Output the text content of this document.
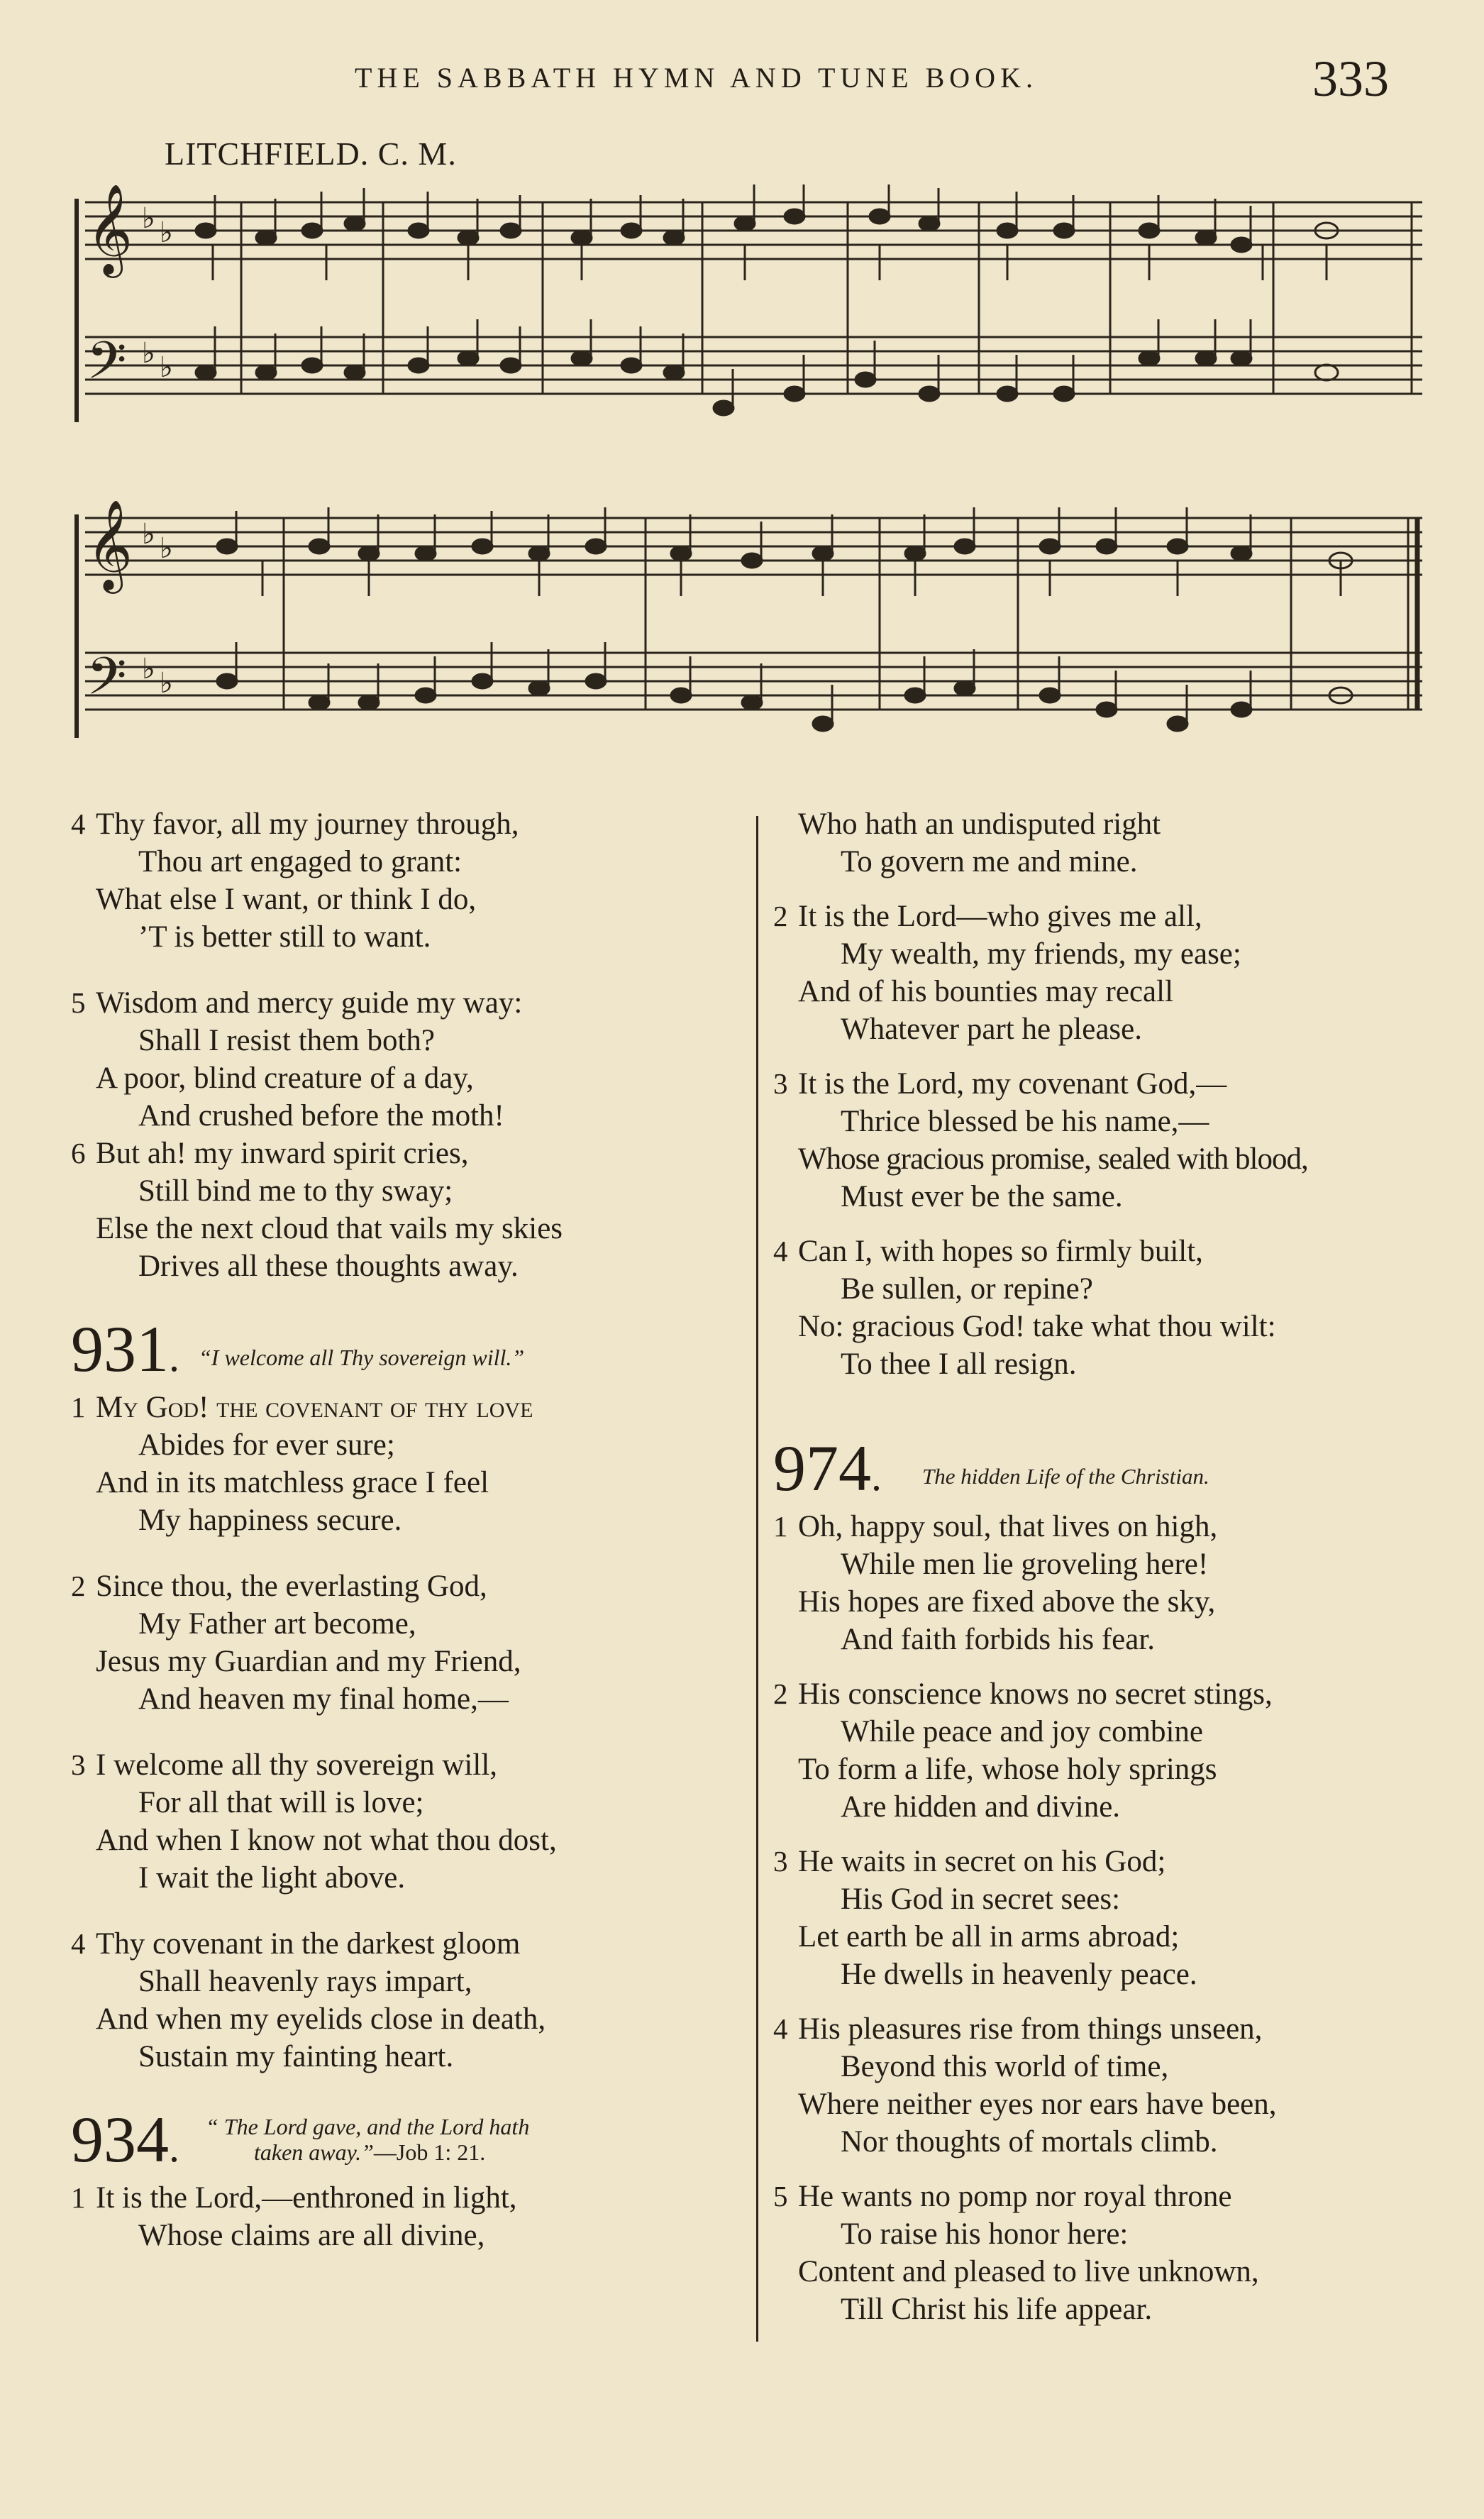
THE SABBATH HYMN AND TUNE BOOK.	333
LITCHFIELD. C. M.
𝄞
𝄢
♭ ♭
♭ ♭
𝄞
𝄢
♭ ♭
♭ ♭
4 Thy favor, all my journey through,
Thou art engaged to grant:
What else I want, or think I do,
’T is better still to want.
5 Wisdom and mercy guide my way:
Shall I resist them both?
A poor, blind creature of a day,
And crushed before the moth!
6 But ah! my inward spirit cries,
Still bind me to thy sway;
Else the next cloud that vails my skies
Drives all these thoughts away.
931. “I welcome all Thy sovereign will.”
1 My God! the covenant of thy love
Abides for ever sure;
And in its matchless grace I feel
My happiness secure.
2 Since thou, the everlasting God,
My Father art become,
Jesus my Guardian and my Friend,
And heaven my final home,—
3 I welcome all thy sovereign will,
For all that will is love;
And when I know not what thou dost,
I wait the light above.
4 Thy covenant in the darkest gloom
Shall heavenly rays impart,
And when my eyelids close in death,
Sustain my fainting heart.
934. “ The Lord gave, and the Lord hath
taken away.”—Job 1: 21.
1 It is the Lord,—enthroned in light,
Whose claims are all divine,
Who hath an undisputed right
To govern me and mine.
2 It is the Lord—who gives me all,
My wealth, my friends, my ease;
And of his bounties may recall
Whatever part he please.
3 It is the Lord, my covenant God,—
Thrice blessed be his name,—
Whose gracious promise, sealed with blood,
Must ever be the same.
4 Can I, with hopes so firmly built,
Be sullen, or repine?
No: gracious God! take what thou wilt:
To thee I all resign.
974. The hidden Life of the Christian.
1 Oh, happy soul, that lives on high,
While men lie groveling here!
His hopes are fixed above the sky,
And faith forbids his fear.
2 His conscience knows no secret stings,
While peace and joy combine
To form a life, whose holy springs
Are hidden and divine.
3 He waits in secret on his God;
His God in secret sees:
Let earth be all in arms abroad;
He dwells in heavenly peace.
4 His pleasures rise from things unseen,
Beyond this world of time,
Where neither eyes nor ears have been,
Nor thoughts of mortals climb.
5 He wants no pomp nor royal throne
To raise his honor here:
Content and pleased to live unknown,
Till Christ his life appear.
